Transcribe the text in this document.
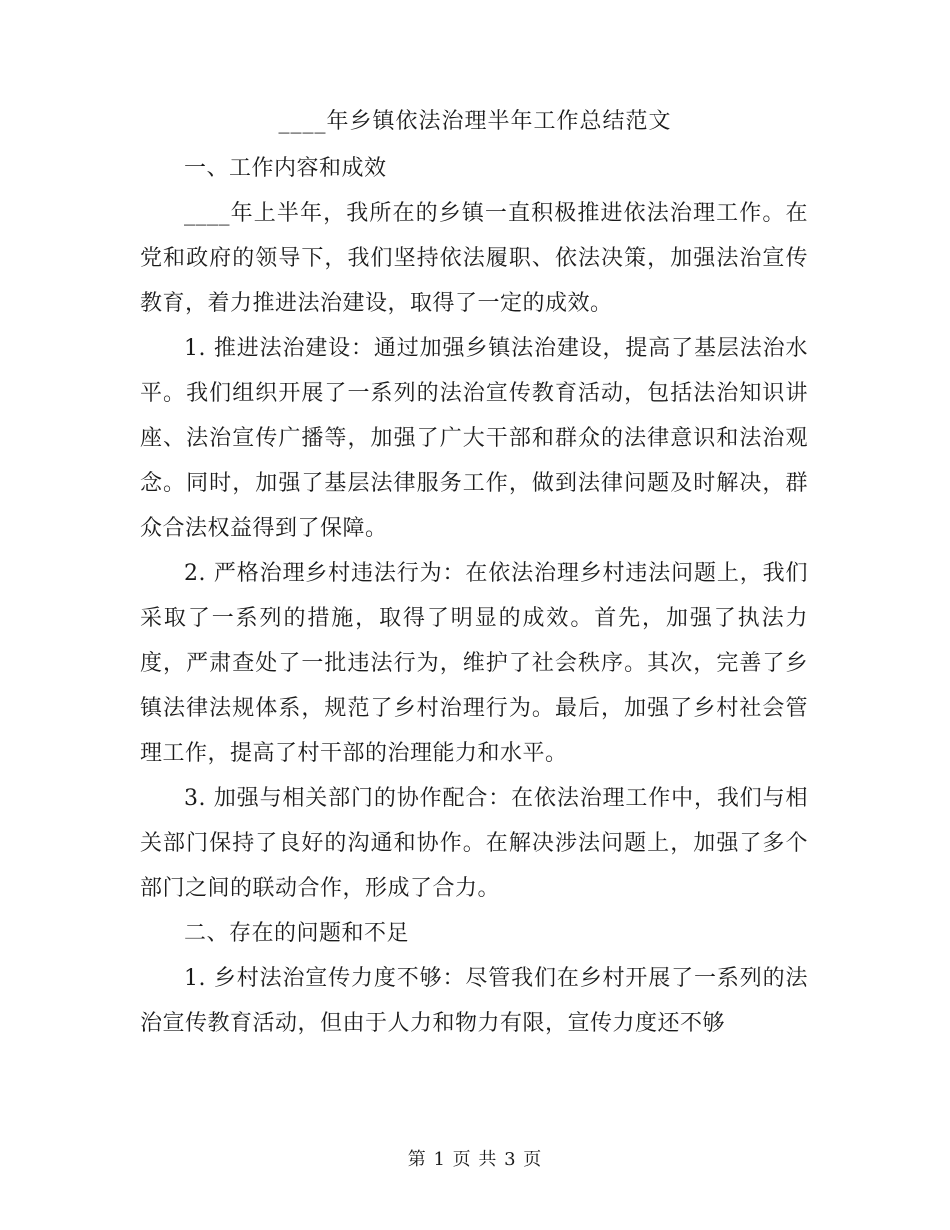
____年乡镇依法治理半年工作总结范文

一、工作内容和成效

____年上半年，我所在的乡镇一直积极推进依法治理工作。在党和政府的领导下，我们坚持依法履职、依法决策，加强法治宣传教育，着力推进法治建设，取得了一定的成效。

1. 推进法治建设：通过加强乡镇法治建设，提高了基层法治水平。我们组织开展了一系列的法治宣传教育活动，包括法治知识讲座、法治宣传广播等，加强了广大干部和群众的法律意识和法治观念。同时，加强了基层法律服务工作，做到法律问题及时解决，群众合法权益得到了保障。

2. 严格治理乡村违法行为：在依法治理乡村违法问题上，我们采取了一系列的措施，取得了明显的成效。首先，加强了执法力度，严肃查处了一批违法行为，维护了社会秩序。其次，完善了乡镇法律法规体系，规范了乡村治理行为。最后，加强了乡村社会管理工作，提高了村干部的治理能力和水平。

3. 加强与相关部门的协作配合：在依法治理工作中，我们与相关部门保持了良好的沟通和协作。在解决涉法问题上，加强了多个部门之间的联动合作，形成了合力。

二、存在的问题和不足

1. 乡村法治宣传力度不够：尽管我们在乡村开展了一系列的法治宣传教育活动，但由于人力和物力有限，宣传力度还不够

第 1 页 共 3 页
